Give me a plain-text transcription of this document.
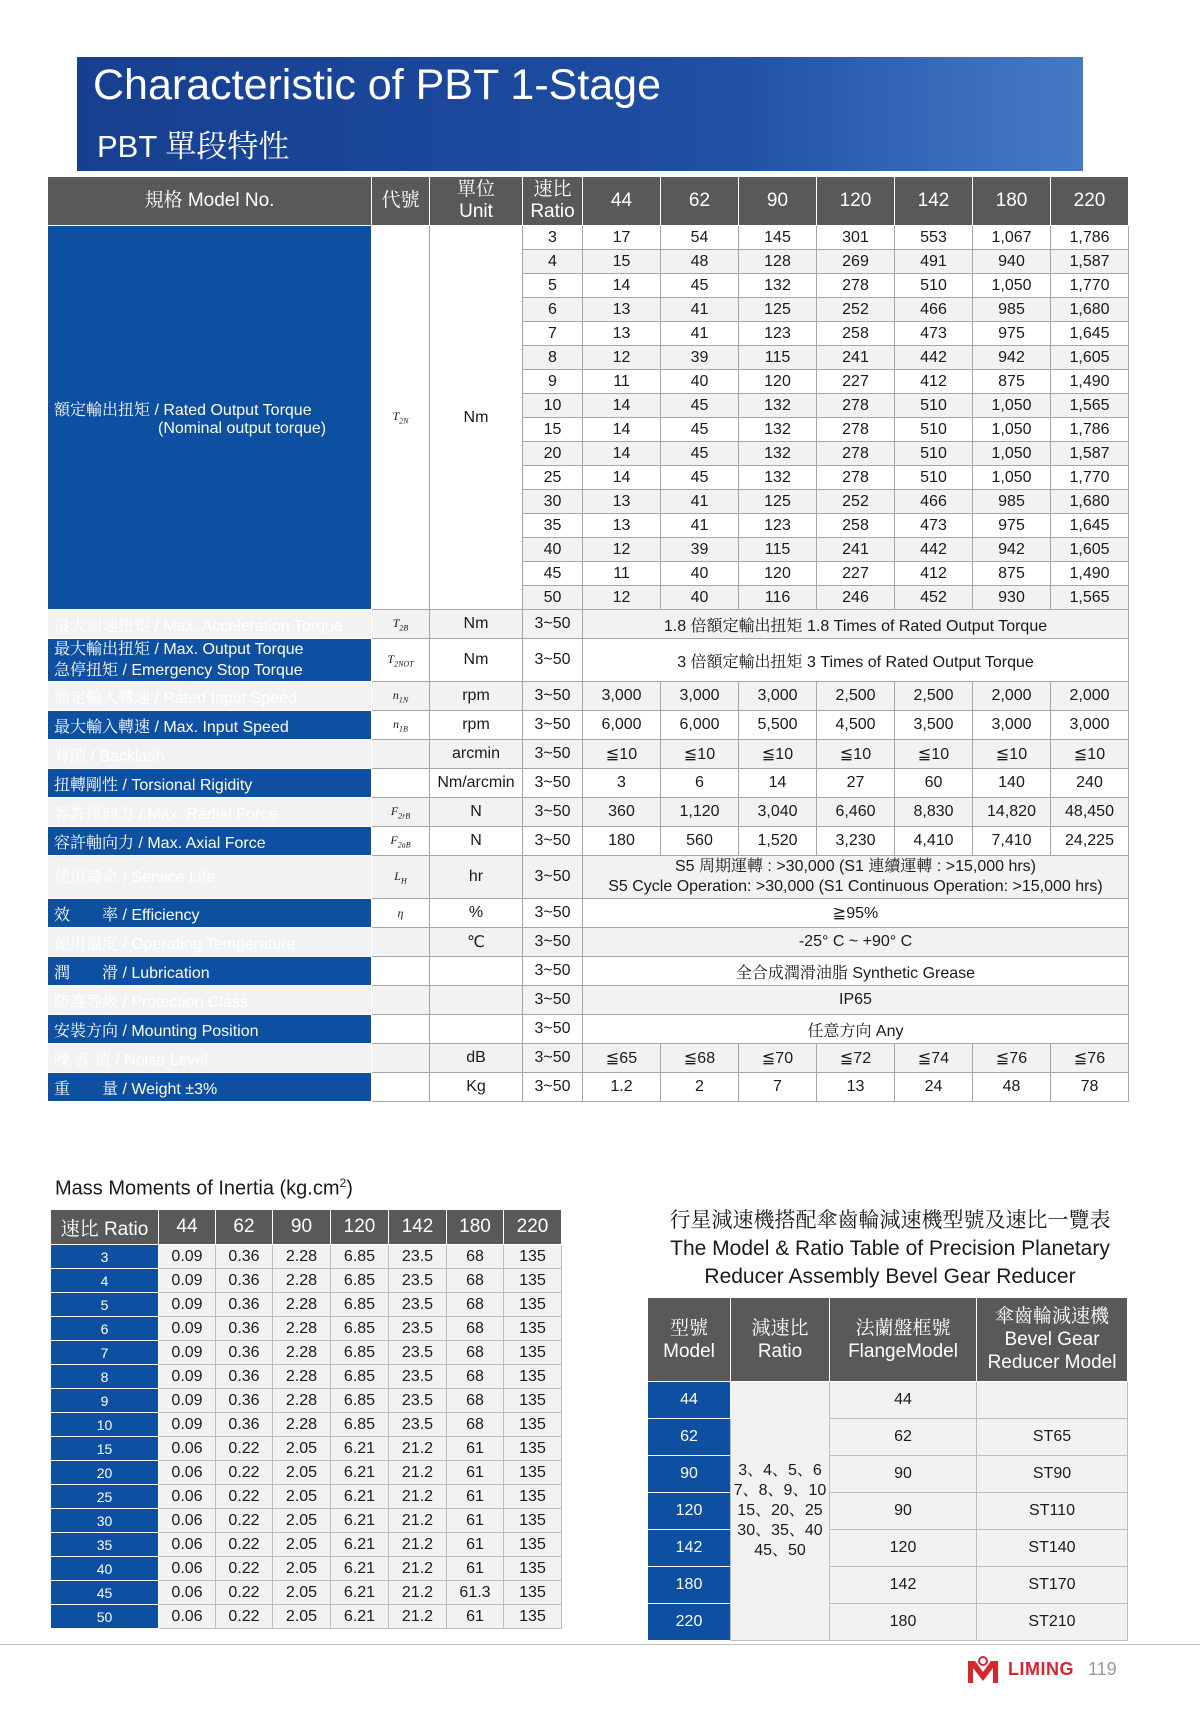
Characteristic of PBT 1-Stage
PBT 單段特性
規格 Model No.	代號	單位
Unit	速比
Ratio	44	62	90	120	142	180	220

額定輸出扭矩 / Rated Output Torque
(Nominal output torque)	$T_{2N}$	Nm	3	17	54	145	301	553	1,067	1,786
			4	15	48	128	269	491	940	1,587
			5	14	45	132	278	510	1,050	1,770
			6	13	41	125	252	466	985	1,680
			7	13	41	123	258	473	975	1,645
			8	12	39	115	241	442	942	1,605
			9	11	40	120	227	412	875	1,490
			10	14	45	132	278	510	1,050	1,565
			15	14	45	132	278	510	1,050	1,786
			20	14	45	132	278	510	1,050	1,587
			25	14	45	132	278	510	1,050	1,770
			30	13	41	125	252	466	985	1,680
			35	13	41	123	258	473	975	1,645
			40	12	39	115	241	442	942	1,605
			45	11	40	120	227	412	875	1,490
			50	12	40	116	246	452	930	1,565
最大加速扭矩 / Max. Acceleration Torque	$T_{2B}$	Nm	3~50	1.8 倍額定輸出扭矩 1.8 Times of Rated Output Torque						

最大輸出扭矩 / Max. Output Torque
急停扭矩 / Emergency Stop Torque	$T_{2NOT}$	Nm	3~50	3 倍額定輸出扭矩 3 Times of Rated Output Torque						
額定輸入轉速 / Rated Input Speed	$n_{1N}$	rpm	3~50	3,000	3,000	3,000	2,500	2,500	2,000	2,000
最大輸入轉速 / Max. Input Speed	$n_{1B}$	rpm	3~50	6,000	6,000	5,500	4,500	3,500	3,000	3,000
背隙 / Backlash		arcmin	3~50	≦10	≦10	≦10	≦10	≦10	≦10	≦10
扭轉剛性 / Torsional Rigidity		Nm/arcmin	3~50	3	6	14	27	60	140	240
容許徑向力 / Max. Radial Force	$F_{2rB}$	N	3~50	360	1,120	3,040	6,460	8,830	14,820	48,450
容許軸向力 / Max. Axial Force	$F_{2aB}$	N	3~50	180	560	1,520	3,230	4,410	7,410	24,225
使用壽命 / Service Life	$L_H$	hr	3~50	S5 周期運轉 : >30,000 (S1 連續運轉 : >15,000 hrs)
S5 Cycle Operation: >30,000 (S1 Continuous Operation: >15,000 hrs)						

效　　率 / Efficiency	η	%	3~50	≧95%						
使用溫度 / Operating Temperature		℃	3~50	-25° C ~ +90° C						
潤　　滑 / Lubrication			3~50	全合成潤滑油脂 Synthetic Grease						
防護等級 / Protection Class			3~50	IP65						
安裝方向 / Mounting Position			3~50	任意方向 Any						
噪 音 值 / Noise Level		dB	3~50	≦65	≦68	≦70	≦72	≦74	≦76	≦76
重　　量 / Weight ±3%		Kg	3~50	1.2	2	7	13	24	48	78
Mass Moments of Inertia $(kg.cm^2)$
速比 Ratio	44	62	90	120	142	180	220
3	0.09	0.36	2.28	6.85	23.5	68	135
4	0.09	0.36	2.28	6.85	23.5	68	135
5	0.09	0.36	2.28	6.85	23.5	68	135
6	0.09	0.36	2.28	6.85	23.5	68	135
7	0.09	0.36	2.28	6.85	23.5	68	135
8	0.09	0.36	2.28	6.85	23.5	68	135
9	0.09	0.36	2.28	6.85	23.5	68	135
10	0.09	0.36	2.28	6.85	23.5	68	135
15	0.06	0.22	2.05	6.21	21.2	61	135
20	0.06	0.22	2.05	6.21	21.2	61	135
25	0.06	0.22	2.05	6.21	21.2	61	135
30	0.06	0.22	2.05	6.21	21.2	61	135
35	0.06	0.22	2.05	6.21	21.2	61	135
40	0.06	0.22	2.05	6.21	21.2	61	135
45	0.06	0.22	2.05	6.21	21.2	61.3	135
50	0.06	0.22	2.05	6.21	21.2	61	135
行星減速機搭配傘齒輪減速機型號及速比一覽表
The Model & Ratio Table of Precision Planetary
Reducer Assembly Bevel Gear Reducer
型號
Model	減速比
Ratio	法蘭盤框號
FlangeModel	傘齒輪減速機
Bevel Gear
Reducer Model
44	3、4、5、6
7、8、9、10
15、20、25
30、35、40
45、50	44	
62		62	ST65
90		90	ST90
120		90	ST110
142		120	ST140
180		142	ST170
220		180	ST210
LIMING 119
